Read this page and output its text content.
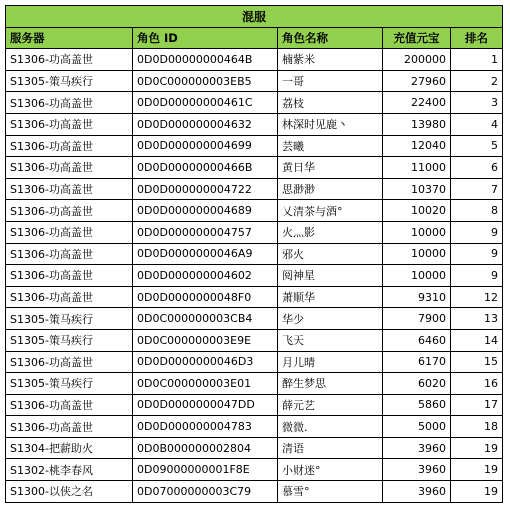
混服				
服务器	角色 ID	角色名称	充值元宝	排名
S1306-功高盖世	0D0D00000000464B	楠紫米	200000	1
S1305-策马疾行	0D0C000000003EB5	一哥	27960	2
S1306-功高盖世	0D0D00000000461C	荔枝	22400	3
S1306-功高盖世	0D0D000000004632	林深时见鹿丶	13980	4
S1306-功高盖世	0D0D000000004699	芸曦	12040	5
S1306-功高盖世	0D0D00000000466B	黄日华	11000	6
S1306-功高盖世	0D0D000000004722	思渺渺	10370	7
S1306-功高盖世	0D0D000000004689	乂清茶与酒°	10020	8
S1306-功高盖世	0D0D000000004757	火灬影	10000	9
S1306-功高盖世	0D0D0000000046A9	邪火	10000	9
S1306-功高盖世	0D0D000000004602	阅神星	10000	9
S1306-功高盖世	0D0D0000000048F0	萧顺华	9310	12
S1305-策马疾行	0D0C000000003CB4	华少	7900	13
S1305-策马疾行	0D0C000000003E9E	飞天	6460	14
S1306-功高盖世	0D0D0000000046D3	月儿晴	6170	15
S1305-策马疾行	0D0C000000003E01	醉生梦思	6020	16
S1306-功高盖世	0D0D0000000047DD	薛元艺	5860	17
S1306-功高盖世	0D0D000000004783	微微.	5000	18
S1304-把薪助火	0D0B000000002804	清语	3960	19
S1302-桃李春风	0D09000000001F8E	小财迷°	3960	19
S1300-以侠之名	0D07000000003C79	慕雪°	3960	19
